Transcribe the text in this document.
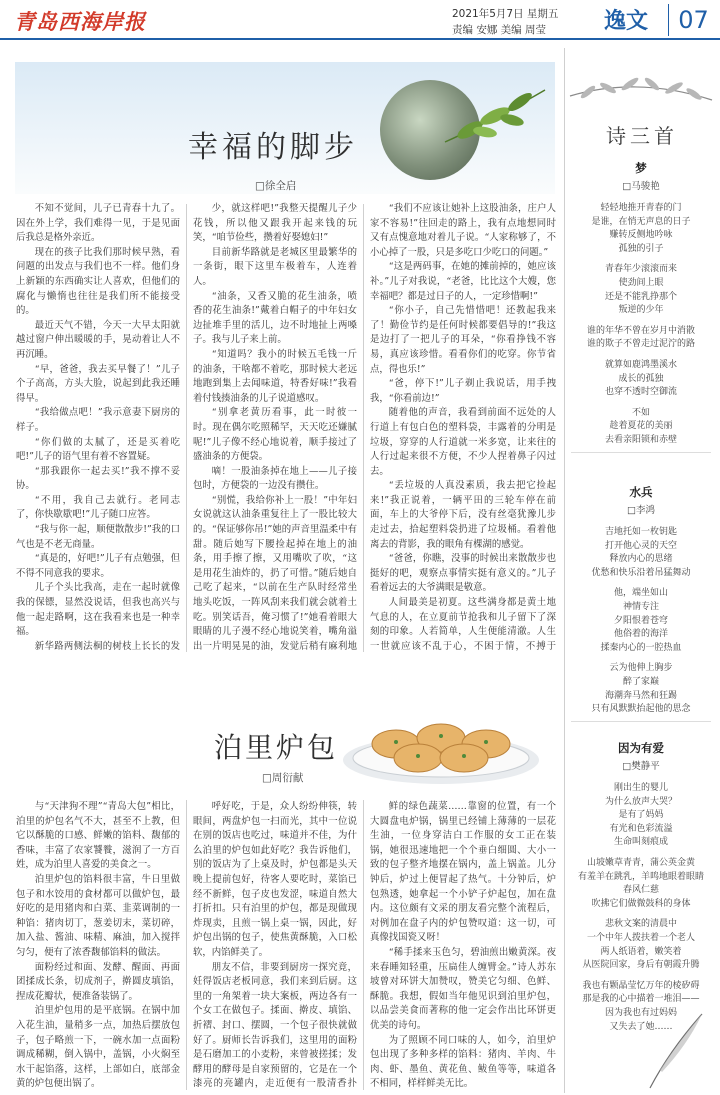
青岛西海岸报	2021年5月7日 星期五
责编 安娜 美编 周莹	逸文	07
幸福的脚步
□徐全启

不知不觉间，儿子已青春十九了。因在外上学，我们难得一见，于是见面后我总是格外亲近。

现在的孩子比我们那时候早熟，看问题的出发点与我们也不一样。他们身上新颖的东西确实让人喜欢，但他们的腐化与懒惰也往往是我们所不能接受的。

最近天气不错，今天一大早太阳就越过窗户伸出暖暖的手，晃动着让人不再沉睡。

“早，爸爸，我去买早餐了！”儿子个子高高，方头大脸，说起到此我还睡得早。

“我给做点吧！”我示意妻下厨房的样子。

“你们做的太腻了，还是买着吃吧!”儿子的语气里有着不容置疑。

“那我跟你一起去买!”我不撑不妥协。

“不用，我自己去就行。老同志了，你快歇歇吧!”儿子随口应答。

“我与你一起，顺便散散步!”我的口气也是不老无商量。

“真是的，好吧!”儿子有点勉强，但不得不同意我的要求。

儿子个头比我高，走在一起时就像我的保镖，显然没说话，但我也高兴与他一起走路啊，这在我看来也是一种幸福。

新华路两侧法桐的树枝上长长的发

少，就这样吧!”我整天提醒儿子少花钱，所以他又跟我开起来钱的玩笑，“咱节俭些，攒着好娶媳妇!”

目前新华路就是老城区里最繁华的一条街，眼下这里车极着车，人连着人。

“油条，又香又脆的花生油条，喷香的花生油条!”戴着白帽子的中年妇女边扯堆手里的活儿，边不时地扯上两嗓子。我与儿子来上前。

“知道吗？我小的时候五毛钱一斤的油条，干啥都不着吃，那时候大老远地跑到集上去闻味道，特香好味!”我看着付钱揍油条的儿子说道感叹。

“别拿老黄历看事，此一时彼一时。现在偶尔吃照稀罕，天天吃还嫌腻呢!”儿子像不经心地说着，顺手接过了盛油条的方便袋。

嘀！一股油条掉在地上——儿子接包时，方便袋的一边没有攒住。

“别慌，我给你补上一股！”中年妇女说就这认油条重复往上了一股比较大的。“保证够你吊!”她的声音里温柔中有甜。随后她写下腰捡起掉在地上的油条，用手擦了擦，又用嘴吹了吹，“这是用花生油炸的，扔了可惜。”随后她自己吃了起来，“以前在生产队时经常坐地头吃饭，一阵风刮来我们就会就着土吃。别笑话吾，俺习惯了!”她看着眼大眼睛的儿子漫不经心地说笑着，嘴角溢出一片明晃晃的油，发觉后稍有麻利地

“我们不应该让她补上这股油条，庄户人家不容易!”往回走的路上，我有点地想同时又有点愧意地对着儿子说。“人家称够了，不小心掉了一股，只是多吃口少吃口的问题。”

“这是两码事，在她的摊前掉的，她应该补。”儿子对我说，“老爸，比比这个大嫂，您幸福吧？都是过日子的人，一定珍惜啊!”

“你小子，自己先惜惜吧！还教起我来了！勤俭节约是任何时候都要倡导的!”我这是边打了一把儿子的耳朵，“你看挣钱不容易，真应该珍惜。看看你们的吃穿。你节省点，得也乐!”

“爸，停下!”儿子剃止我说话，用手拽我，“你看前边!”

随着他的声音，我看到前面不远处的人行道上有包白色的塑料袋，丰露着的分明是垃圾，穿穿的人行道就一米多宽，让来往的人行过起来很不方便，不少人捏着鼻子闪过去。

“丢垃圾的人真没素质，我去把它捡起来!”我正说着，一辆平田的三轮车停在前面，车上的大爷停下后，没有丝毫犹豫儿步走过去，拾起塑料袋扔进了垃圾桶。看着他离去的背影，我的眼角有棵湖的感觉。

“爸爸，你瞧，没事的时候出来散散步也挺好的吧，观察点事情实挺有意义的。”儿子看着远去的大爷满眼是敬意。

人间最美是初夏。这些满身都是黄土地气息的人，在立夏前节抢我和儿子留下了深刻的印象。人若简单，人生便能清澈。人生一世就应该不乱于心，不困于情，不搏于

泊里炉包
□周衍献

与“天津狗不理”“青岛大包”相比，泊里的炉包名气不大，甚至不上教，但它以酥脆的口感、鲜嫩的馅料、馥郁的香味，丰富了农家饕餮，滋润了一方百姓，成为泊里人喜爱的美食之一。

泊里炉包的馅料很丰富，牛日里做包子和水饺用的食材都可以做炉包，最好吃的是用猪肉和白菜、韭菜调制的一种馅：猪肉切丁，葱姜切末，菜切碎，加入盐、酱油、味精、麻油，加入搅拌匀匀，便有了浓香馥郁馅料的做法。

面粉经过和面、发酵、醒面、再面团揉成长条，切成剂子，擀圆皮填馅，捏成花瓣状，便准备装锅了。

泊里炉包用的是平底锅。在锅中加入花生油，量稍多一点，加热后摆放包子，包子略煎一下，一碗水加一点面粉调成稀糊，倒入锅中，盖锅，小火焖至水干起馅落，这样，上部如白，底部金黄的炉包便出锅了。

呼好吃，于是，众人纷纷伸筷，转眼间，两盘炉包一扫而光，其中一位说在别的饭店也吃过，味道并不佳，为什么泊里的炉包如此好吃？我告诉他们，别的饭店为了上桌及时，炉包都是头天晚上提前包好，待客人要吃时，菜馅已经不新鲜，包子皮也发涩，味道自然大打折扣。只有泊里的炉包，都是现做现炸现卖，且煎一锅上桌一锅，因此，好炉包出锅的包子，使焦黄酥脆，入口松软，内馅鲜美了。

朋友不信，非要到厨房一探究竟，妊得饭店老板同意，我们来到后厨。这里的一角架着一块大案板，两边各有一个女工在做包子。揉面、擀皮、填馅、折褶、封口、摆圆，一个包子很快就做好了。厨师长告诉我们，这里用的面粉是石磨加工的小麦粉，来曾被搓揉；发酵用的酵母是自家预留的，它是在一个漆亮的亮罐内，走近便有一股清香扑

鲜的绿色蔬菜……靠窗的位置，有一个大圆盘电炉锅，锅里已经铺上薄薄的一层花生油，一位身穿洁白工作服的女工正在装锅，她很迅速地把一个个垂白细圆、大小一致的包子整齐地摆在锅内，盖上锅盖。儿分钟后，炉过上便冒起了热气。十分钟后，炉包熟透，她拿起一个小铲子炉起包，加在盘内。这位颇有文采的朋友看完整个流程后，对例加在盘子内的炉包赞叹道：这一切，可真像找国瓷又呀！

“稀手揉来玉色匀，碧油煎出嫩黄深。夜来春睡知轻重，压扁佳人缠臂金。”诗人苏东坡曾对环饼大加赞叹，赞美它匀细、色鲜、酥脆。我想，假如当年他见识到泊里炉包，以品尝美食而著称的他一定会作出比环饼更优美的诗句。

为了照顾不同口味的人，如今，泊里炉包出现了多种多样的馅料：猪肉、羊肉、牛肉、虾、墨鱼、黄花鱼、鲅鱼等等，味道各不相同，样样鲜美无比。

梦
□马骏艳
轻轻地推开青春的门
是谁，在悄无声息的日子
赚转反侧地吟咏
孤独的引子
青春年少滚滚而来
使劲间上眼
还是不能乳挣那个
叛逆的少年
谁的年华不曾在岁月中消散
谁的欺子不曾走过泥泞的路
就算如鹿鸿墨溪水
成长的孤独
也穿不透时空御流
不如
趁着夏花的美丽
去看亲阳锁和赤壁
水兵
□李鸿
吉地托如一枚钥匙
打开他心灵的天空
释放内心的思绪
优愁和快乐沿着吊猛舞动
他，端坐如山
神情专注
夕阳恨着苍穹
他俗着的海洋
揉秦内心的一腔热血
云为他伸上胸步
醉了家巅
海潮奔马然和狂踢
只有风默默抬起他的思念
因为有爱
□樊静平
刚出生的婴儿
为什么放声大哭？
是有了妈妈
有光和色彩流溢
生命叫刻痕成
山坡嫩草青青，蒲公英金黄
有羞羊在跳乳，羊鸣地眼着眼睛
春风仁慈
吹拂它们做微鼓科的身体
悲秋文案的清晨中
一个中年人拨扶着一个老人
两人纸语着，嫩笑着
从医院回家，身后有朝霞升腾
我也有颗晶莹忆万年的棱矽碍
那是我的心中描着一堆泪——
因为我也有过妈妈
又失去了她……
诗三首
